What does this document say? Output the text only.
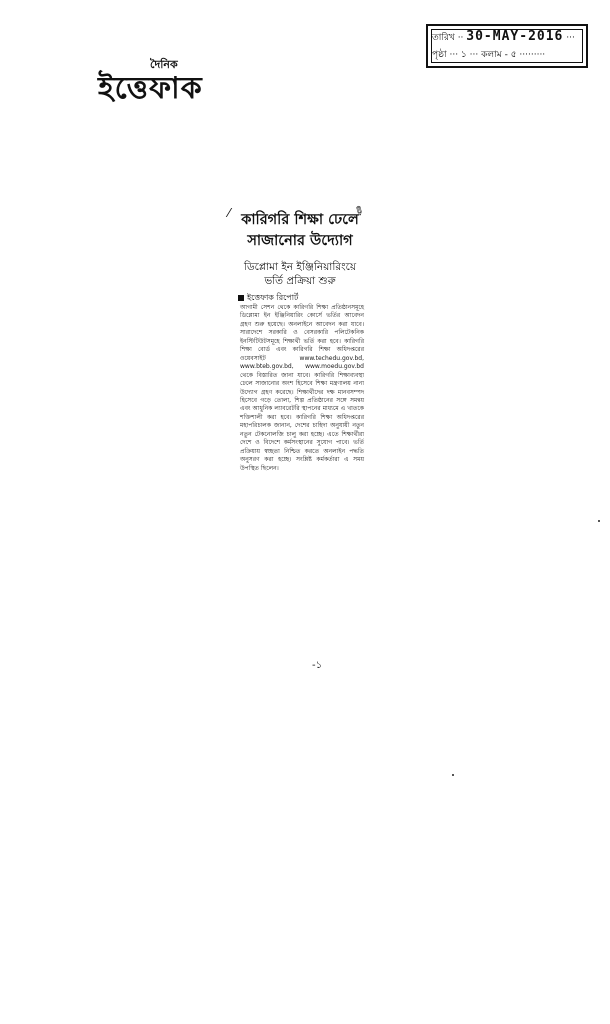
দৈনিক
ইত্তেফাক
তারিখ ·· 30-MAY-2016 ···
পৃষ্ঠা ··· ১ ··· কলাম - ৫ ·········
⁄	✎
কারিগরি শিক্ষা ঢেলে
সাজানোর উদ্যোগ
ডিপ্লোমা ইন ইঞ্জিনিয়ারিংয়ে
ভর্তি প্রক্রিয়া শুরু
ইত্তেফাক রিপোর্ট
আগামী সেশন থেকে কারিগরি শিক্ষা প্রতিষ্ঠানসমূহে ডিপ্লোমা ইন ইঞ্জিনিয়ারিং কোর্সে ভর্তির আবেদন গ্রহণ শুরু হয়েছে। অনলাইনে আবেদন করা যাবে। সারাদেশে সরকারি ও বেসরকারি পলিটেকনিক ইনস্টিটিউটসমূহে শিক্ষার্থী ভর্তি করা হবে। কারিগরি শিক্ষা বোর্ড এবং কারিগরি শিক্ষা অধিদপ্তরের ওয়েবসাইট www.techedu.gov.bd, www.bteb.gov.bd, www.moedu.gov.bd থেকে বিস্তারিত জানা যাবে। কারিগরি শিক্ষাব্যবস্থা ঢেলে সাজানোর অংশ হিসেবে শিক্ষা মন্ত্রণালয় নানা উদ্যোগ গ্রহণ করেছে। শিক্ষার্থীদের দক্ষ মানবসম্পদ হিসেবে গড়ে তোলা, শিল্প প্রতিষ্ঠানের সঙ্গে সমন্বয় এবং আধুনিক ল্যাবরেটরি স্থাপনের মাধ্যমে এ খাতকে শক্তিশালী করা হবে। কারিগরি শিক্ষা অধিদপ্তরের মহাপরিচালক জানান, দেশের চাহিদা অনুযায়ী নতুন নতুন টেকনোলজি চালু করা হচ্ছে। এতে শিক্ষার্থীরা দেশে ও বিদেশে কর্মসংস্থানের সুযোগ পাবে। ভর্তি প্রক্রিয়ায় স্বচ্ছতা নিশ্চিত করতে অনলাইন পদ্ধতি অনুসরণ করা হচ্ছে। সংশ্লিষ্ট কর্মকর্তারা এ সময় উপস্থিত ছিলেন।
-১
